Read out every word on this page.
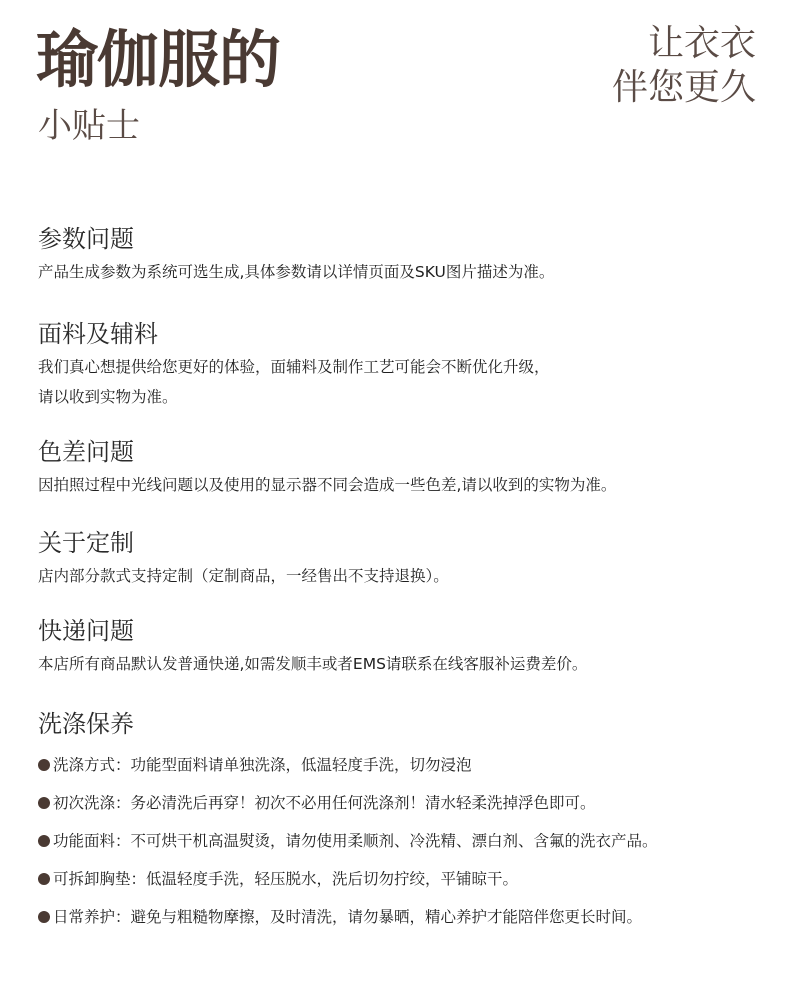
瑜伽服的
小贴士
让衣衣
伴您更久
参数问题

产品生成参数为系统可选生成,具体参数请以详情页面及SKU图片描述为准。

面料及辅料

我们真心想提供给您更好的体验，面辅料及制作工艺可能会不断优化升级，

请以收到实物为准。

色差问题

因拍照过程中光线问题以及使用的显示器不同会造成一些色差,请以收到的实物为准。

关于定制

店内部分款式支持定制（定制商品，一经售出不支持退换）。

快递问题

本店所有商品默认发普通快递,如需发顺丰或者EMS请联系在线客服补运费差价。

洗涤保养
洗涤方式：功能型面料请单独洗涤，低温轻度手洗，切勿浸泡
初次洗涤：务必清洗后再穿！初次不必用任何洗涤剂！清水轻柔洗掉浮色即可。
功能面料：不可烘干机高温熨烫，请勿使用柔顺剂、冷洗精、漂白剂、含氟的洗衣产品。
可拆卸胸垫：低温轻度手洗，轻压脱水，洗后切勿拧绞，平铺晾干。
日常养护：避免与粗糙物摩擦，及时清洗，请勿暴晒，精心养护才能陪伴您更长时间。
